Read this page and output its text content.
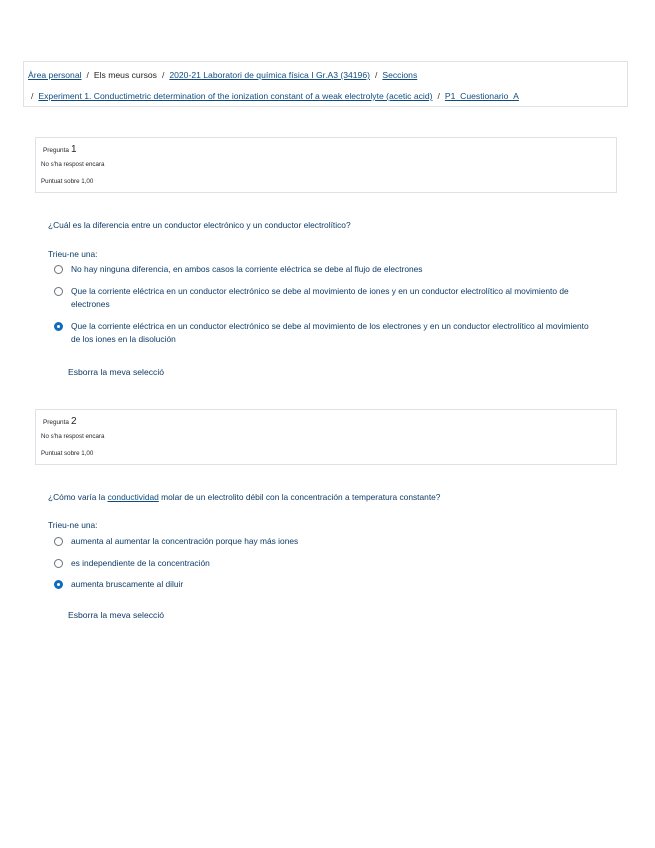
Àrea personal / Els meus cursos / 2020-21 Laboratori de química física I Gr.A3 (34196) / Seccions
/ Experiment 1. Conductimetric determination of the ionization constant of a weak electrolyte (acetic acid) / P1_Cuestionario_A
Pregunta 1
No s'ha respost encara
Puntuat sobre 1,00
¿Cuál es la diferencia entre un conductor electrónico y un conductor electrolítico?
Trieu-ne una:
No hay ninguna diferencia, en ambos casos la corriente eléctrica se debe al flujo de electrones
Que la corriente eléctrica en un conductor electrónico se debe al movimiento de iones y en un conductor electrolítico al movimiento de electrones
Que la corriente eléctrica en un conductor electrónico se debe al movimiento de los electrones y en un conductor electrolítico al movimiento de los iones en la disolución
Esborra la meva selecció
Pregunta 2
No s'ha respost encara
Puntuat sobre 1,00
¿Cómo varía la conductividad molar de un electrolito débil con la concentración a temperatura constante?
Trieu-ne una:
aumenta al aumentar la concentración porque hay más iones
es independiente de la concentración
aumenta bruscamente al diluir
Esborra la meva selecció
